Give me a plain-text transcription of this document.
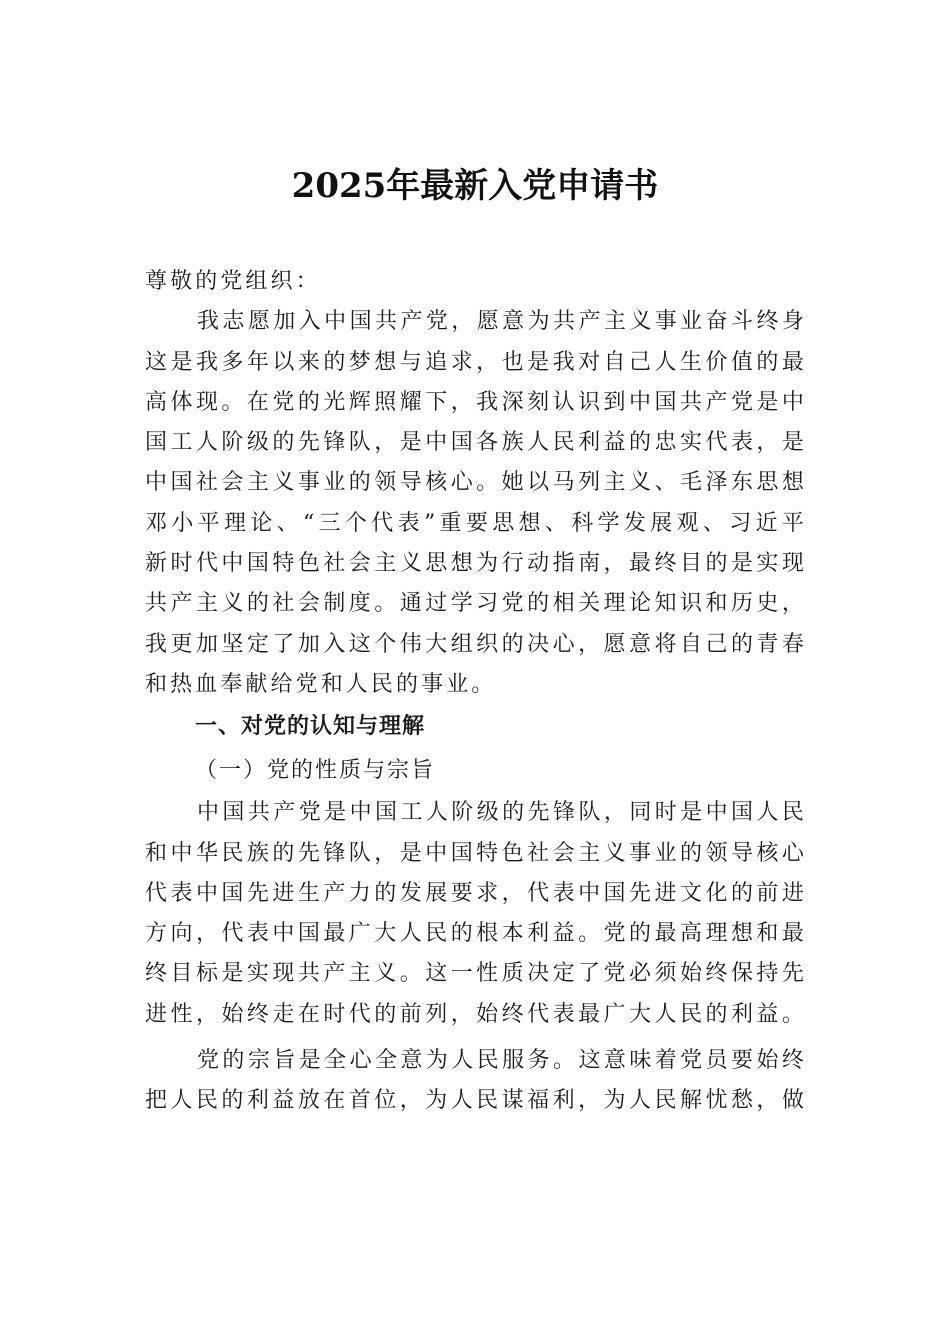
2025年最新入党申请书
尊敬的党组织：
我志愿加入中国共产党，愿意为共产主义事业奋斗终身
这是我多年以来的梦想与追求，也是我对自己人生价值的最
高体现。在党的光辉照耀下，我深刻认识到中国共产党是中
国工人阶级的先锋队，是中国各族人民利益的忠实代表，是
中国社会主义事业的领导核心。她以马列主义、毛泽东思想
邓小平理论、“三个代表”重要思想、科学发展观、习近平
新时代中国特色社会主义思想为行动指南，最终目的是实现
共产主义的社会制度。通过学习党的相关理论知识和历史，
我更加坚定了加入这个伟大组织的决心，愿意将自己的青春
和热血奉献给党和人民的事业。
一、对党的认知与理解
（一）党的性质与宗旨
中国共产党是中国工人阶级的先锋队，同时是中国人民
和中华民族的先锋队，是中国特色社会主义事业的领导核心
代表中国先进生产力的发展要求，代表中国先进文化的前进
方向，代表中国最广大人民的根本利益。党的最高理想和最
终目标是实现共产主义。这一性质决定了党必须始终保持先
进性，始终走在时代的前列，始终代表最广大人民的利益。
党的宗旨是全心全意为人民服务。这意味着党员要始终
把人民的利益放在首位，为人民谋福利，为人民解忧愁，做
